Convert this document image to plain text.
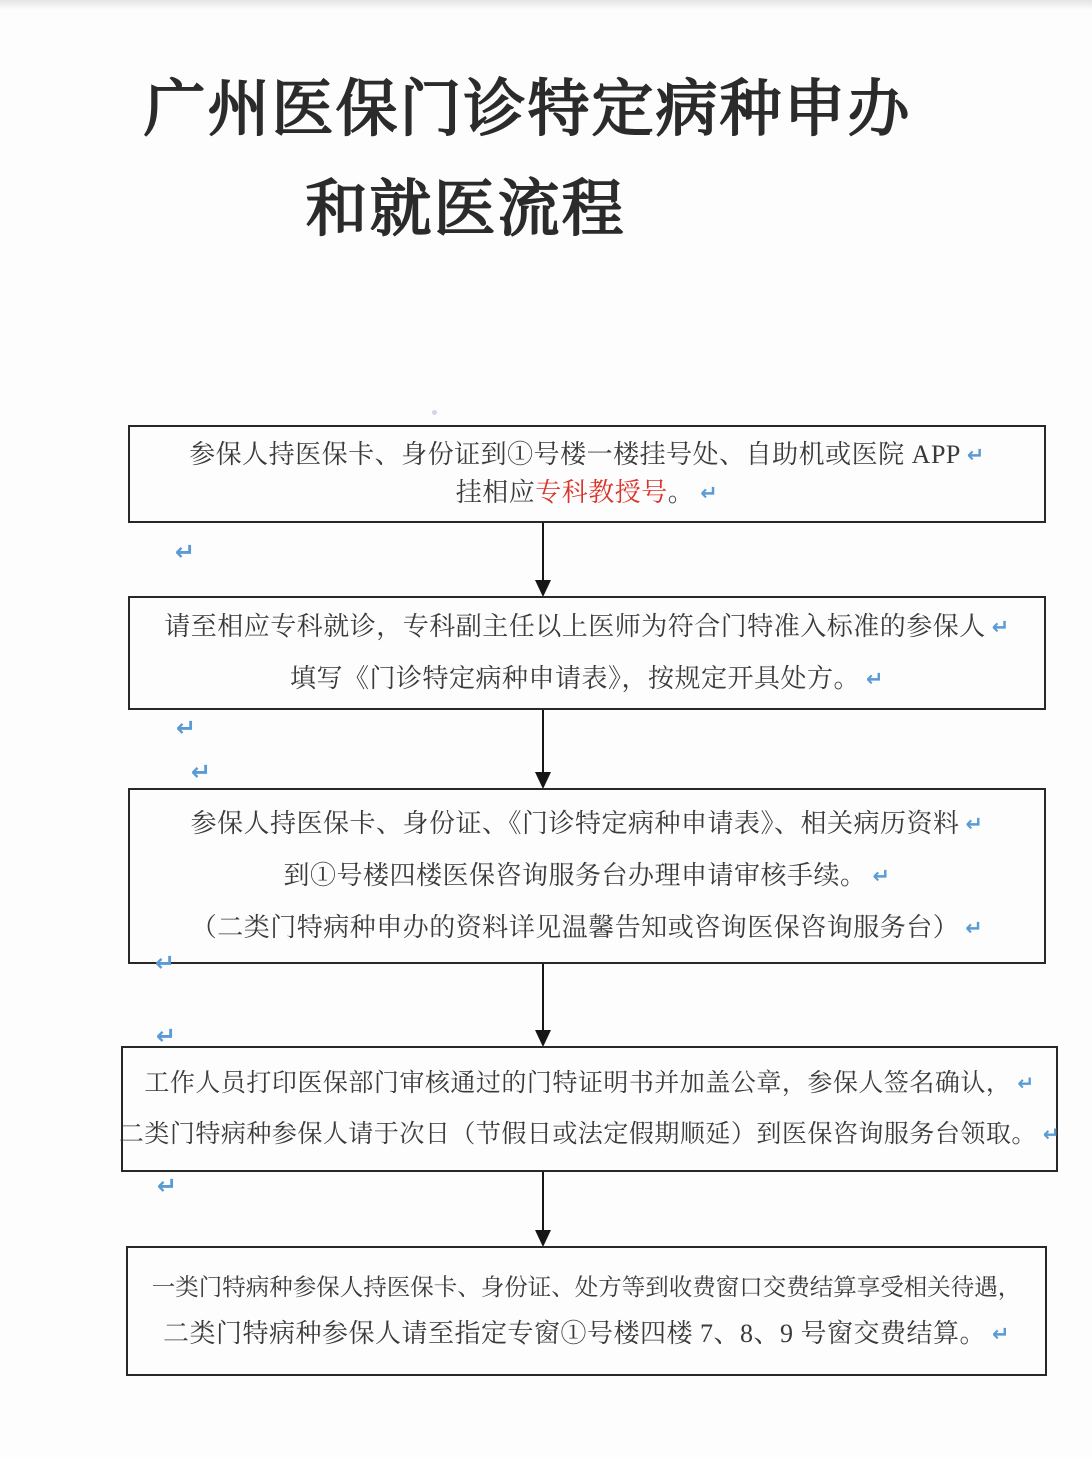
广州医保门诊特定病种申办
和就医流程
参保人持医保卡、身份证到①号楼一楼挂号处、自助机或医院 APP ↵
挂相应专科教授号。 ↵
请至相应专科就诊，专科副主任以上医师为符合门特准入标准的参保人 ↵
填写《门诊特定病种申请表》，按规定开具处方。 ↵
参保人持医保卡、身份证、《门诊特定病种申请表》、相关病历资料 ↵
到①号楼四楼医保咨询服务台办理申请审核手续。 ↵
（二类门特病种申办的资料详见温馨告知或咨询医保咨询服务台） ↵
工作人员打印医保部门审核通过的门特证明书并加盖公章，参保人签名确认， ↵
二类门特病种参保人请于次日（节假日或法定假期顺延）到医保咨询服务台领取。 ↵
一类门特病种参保人持医保卡、身份证、处方等到收费窗口交费结算享受相关待遇，
二类门特病种参保人请至指定专窗①号楼四楼 7、8、9 号窗交费结算。 ↵
↵
↵
↵
↵
↵
↵
